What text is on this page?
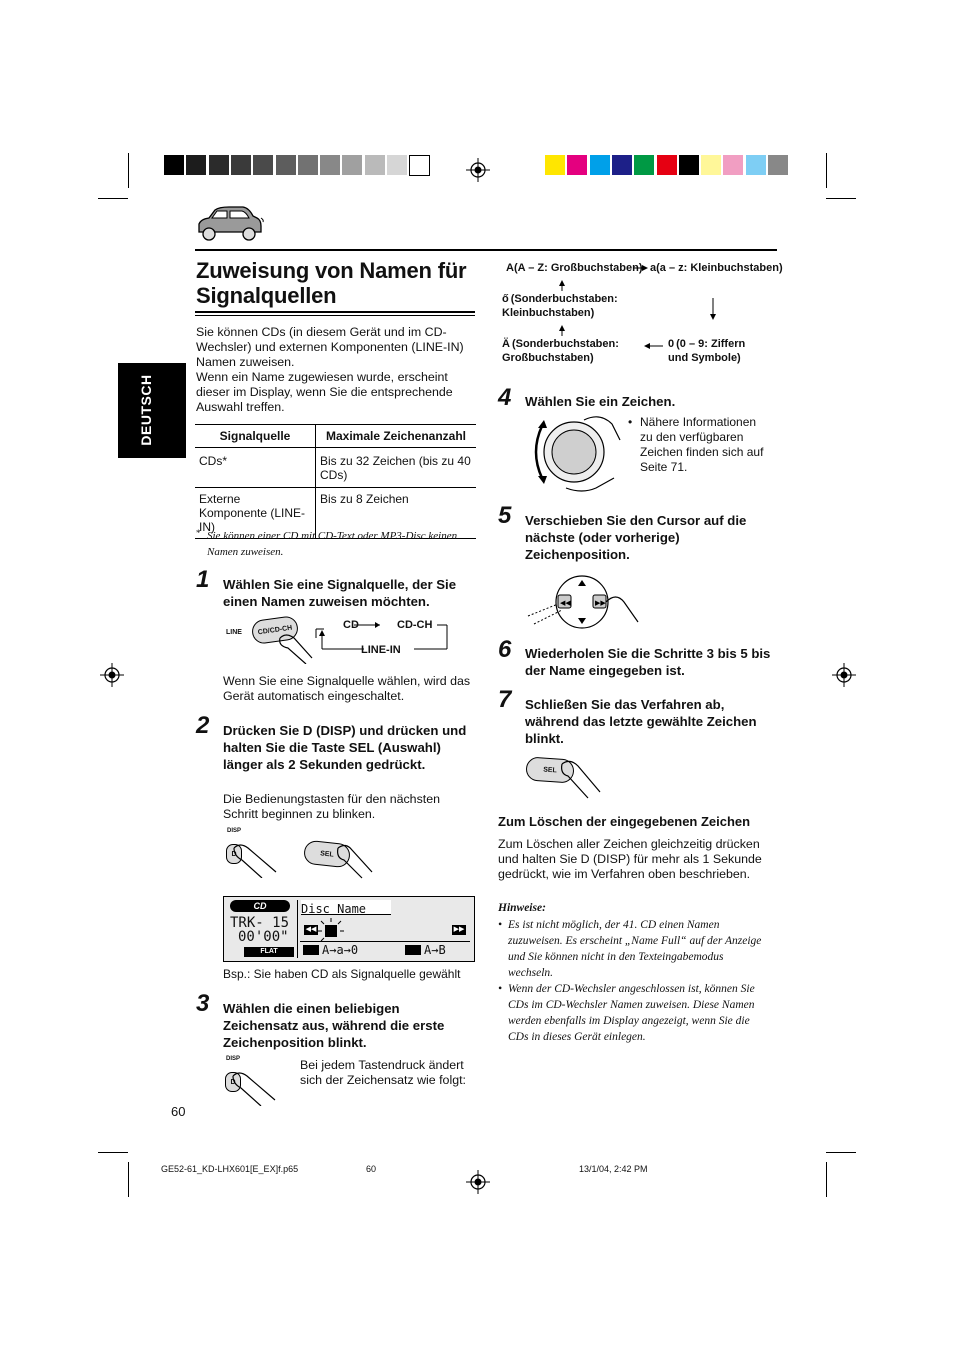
Zuweisung von Namen für Signalquellen
DEUTSCH
Sie können CDs (in diesem Gerät und im CD-Wechsler) und externen Komponenten (LINE-IN) Namen zuweisen.
Wenn ein Name zugewiesen wurde, erscheint dieser im Display, wenn Sie die entsprechende Auswahl treffen.
Signalquelle	Maximale Zeichenanzahl
CDs*	Bis zu 32 Zeichen (bis zu 40 CDs)
Externe Komponente (LINE-IN)	Bis zu 8 Zeichen
* Sie können einer CD mit CD-Text oder MP3-Disc keinen Namen zuweisen.
1 Wählen Sie eine Signalquelle, der Sie einen Namen zuweisen möchten.
LINE CD/CD-CH	CD	CD-CH
LINE-IN
Wenn Sie eine Signalquelle wählen, wird das Gerät automatisch eingeschaltet.
2 Drücken Sie D (DISP) und drücken und halten Sie die Taste SEL (Auswahl) länger als 2 Sekunden gedrückt.
Die Bedienungstasten für den nächsten Schritt beginnen zu blinken.
DISP
D	SEL
CD
TRK- 15
00'00"
FLAT
Disc Name
◀◀	▶▶
A→a→0	A→B
Bsp.: Sie haben CD als Signalquelle gewählt
3 Wählen die einen beliebigen Zeichensatz aus, während die erste Zeichenposition blinkt.
DISP
D
Bei jedem Tastendruck ändert sich der Zeichensatz wie folgt:
60
A(A – Z: Großbuchstaben) a(a – z: Kleinbuchstaben)
ő (Sonderbuchstaben: Kleinbuchstaben)
Ä (Sonderbuchstaben: Großbuchstaben)
0 (0 – 9: Ziffern und Symbole)
4 Wählen Sie ein Zeichen.
• Nähere Informationen zu den verfügbaren Zeichen finden sich auf Seite 71.
5 Verschieben Sie den Cursor auf die nächste (oder vorherige) Zeichenposition.
◀◀	▶▶
6 Wiederholen Sie die Schritte 3 bis 5 bis der Name eingegeben ist.
7 Schließen Sie das Verfahren ab, während das letzte gewählte Zeichen blinkt.
SEL
Zum Löschen der eingegebenen Zeichen
Zum Löschen aller Zeichen gleichzeitig drücken und halten Sie D (DISP) für mehr als 1 Sekunde gedrückt, wie im Verfahren oben beschrieben.
Hinweise:
• Es ist nicht möglich, der 41. CD einen Namen zuzuweisen. Es erscheint „Name Full“ auf der Anzeige und Sie können nicht in den Texteingabemodus wechseln.
• Wenn der CD-Wechsler angeschlossen ist, können Sie CDs im CD-Wechsler Namen zuweisen. Diese Namen werden ebenfalls im Display angezeigt, wenn Sie die CDs in dieses Gerät einlegen.
GE52-61_KD-LHX601[E_EX]f.p65	60	13/1/04, 2:42 PM
